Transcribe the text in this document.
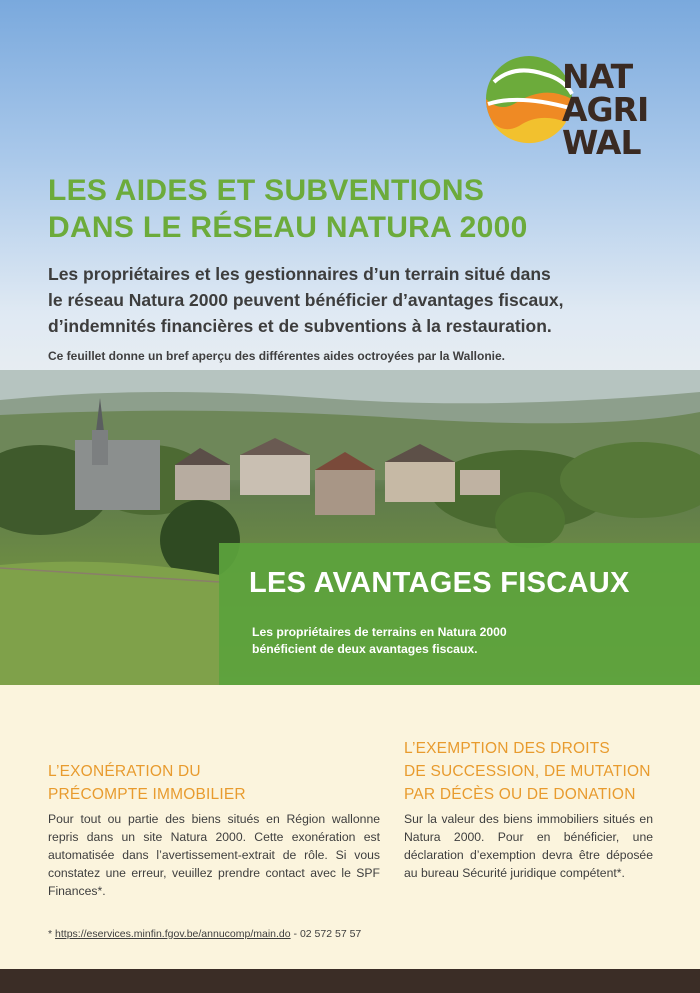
NAT
AGRI
WAL
LES AIDES ET SUBVENTIONS
DANS LE RÉSEAU NATURA 2000

Les propriétaires et les gestionnaires d’un terrain situé dans
le réseau Natura 2000 peuvent bénéficier d’avantages fiscaux,
d’indemnités financières et de subventions à la restauration.

Ce feuillet donne un bref aperçu des différentes aides octroyées par la Wallonie.

LES AVANTAGES FISCAUX

Les propriétaires de terrains en Natura 2000
bénéficient de deux avantages fiscaux.

L’EXONÉRATION DU
PRÉCOMPTE IMMOBILIER

Pour tout ou partie des biens situés en Région wallonne repris dans un site Natura 2000. Cette exonération est automatisée dans l’avertissement-extrait de rôle. Si vous constatez une erreur, veuillez prendre contact avec le SPF Finances*.

L’EXEMPTION DES DROITS
DE SUCCESSION, DE MUTATION
PAR DÉCÈS OU DE DONATION

Sur la valeur des biens immobiliers situés en Natura 2000. Pour en bénéficier, une déclaration d’exemption devra être déposée au bureau Sécurité juridique compétent*.

* https://eservices.minfin.fgov.be/annucomp/main.do - 02 572 57 57
